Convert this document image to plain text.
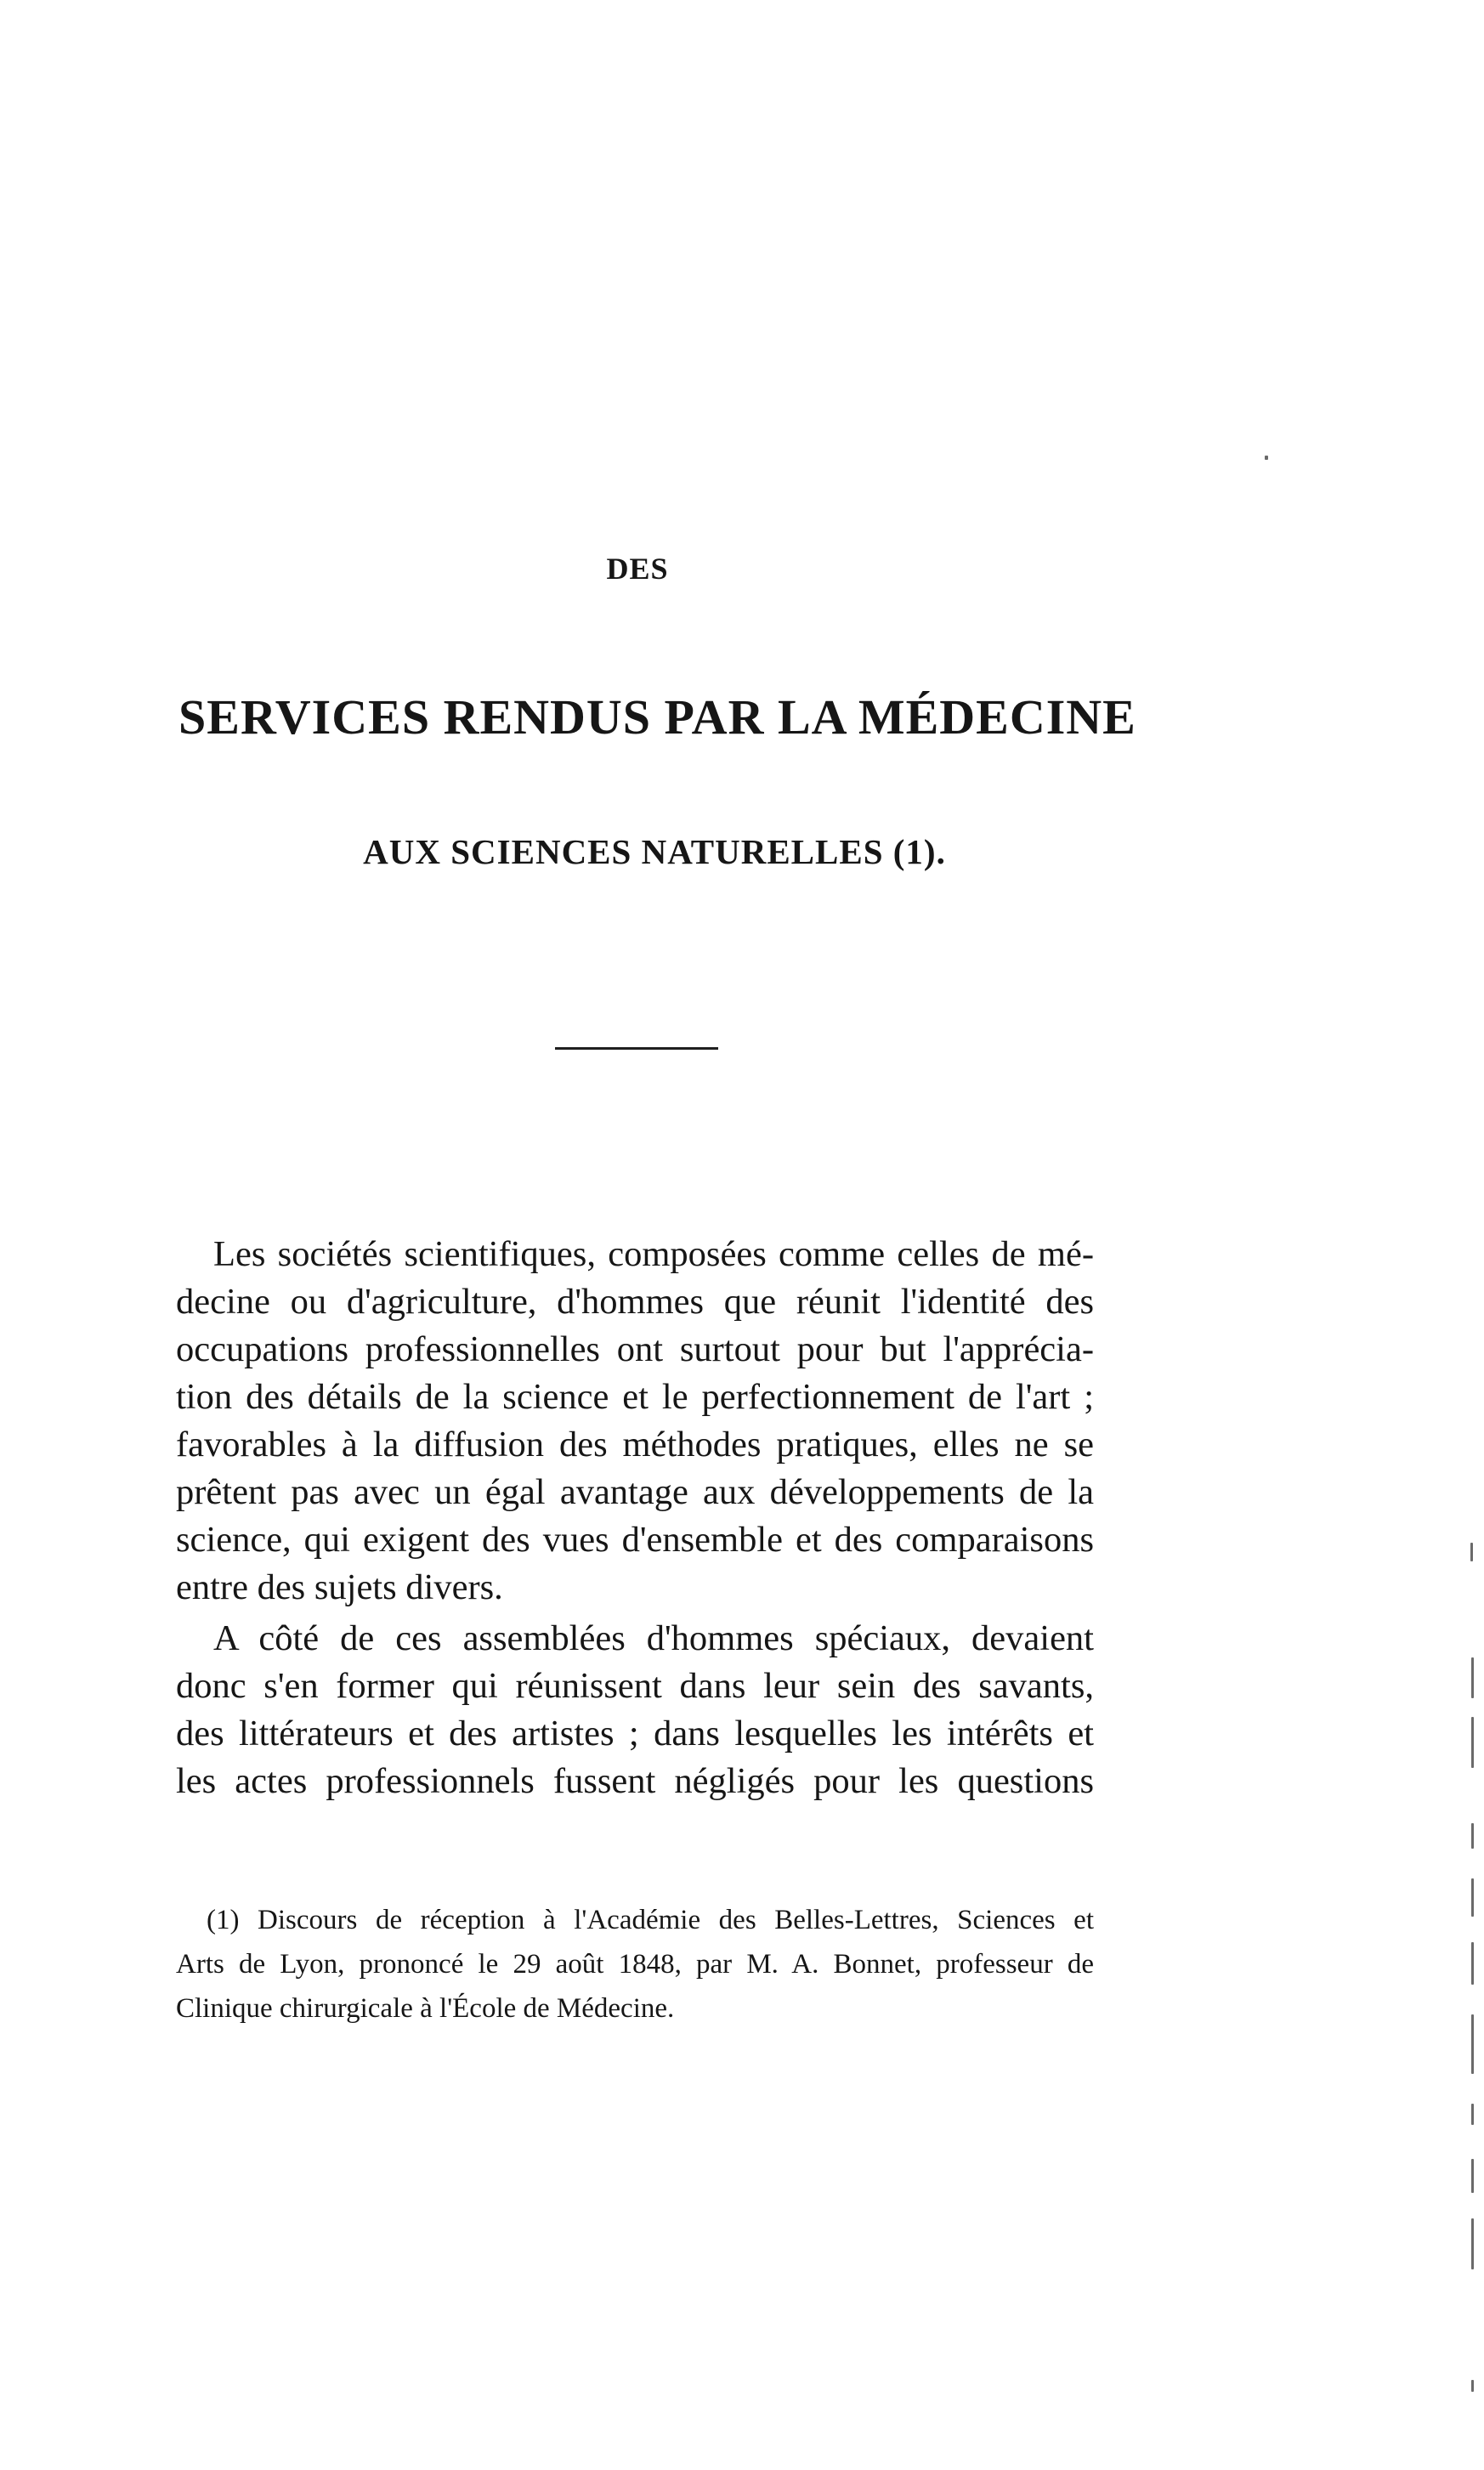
DES
SERVICES RENDUS PAR LA MÉDECINE
AUX SCIENCES NATURELLES (1).
Les sociétés scientifiques, composées comme celles de mé-
decine ou d'agriculture, d'hommes que réunit l'identité des
occupations professionnelles ont surtout pour but l'apprécia-
tion des détails de la science et le perfectionnement de l'art ;
favorables à la diffusion des méthodes pratiques, elles ne se
prêtent pas avec un égal avantage aux développements de la
science, qui exigent des vues d'ensemble et des comparaisons
entre des sujets divers.
A côté de ces assemblées d'hommes spéciaux, devaient
donc s'en former qui réunissent dans leur sein des savants,
des littérateurs et des artistes ; dans lesquelles les intérêts et
les actes professionnels fussent négligés pour les questions
(1) Discours de réception à l'Académie des Belles-Lettres, Sciences et
Arts de Lyon, prononcé le 29 août 1848, par M. A. Bonnet, professeur de
Clinique chirurgicale à l'École de Médecine.
